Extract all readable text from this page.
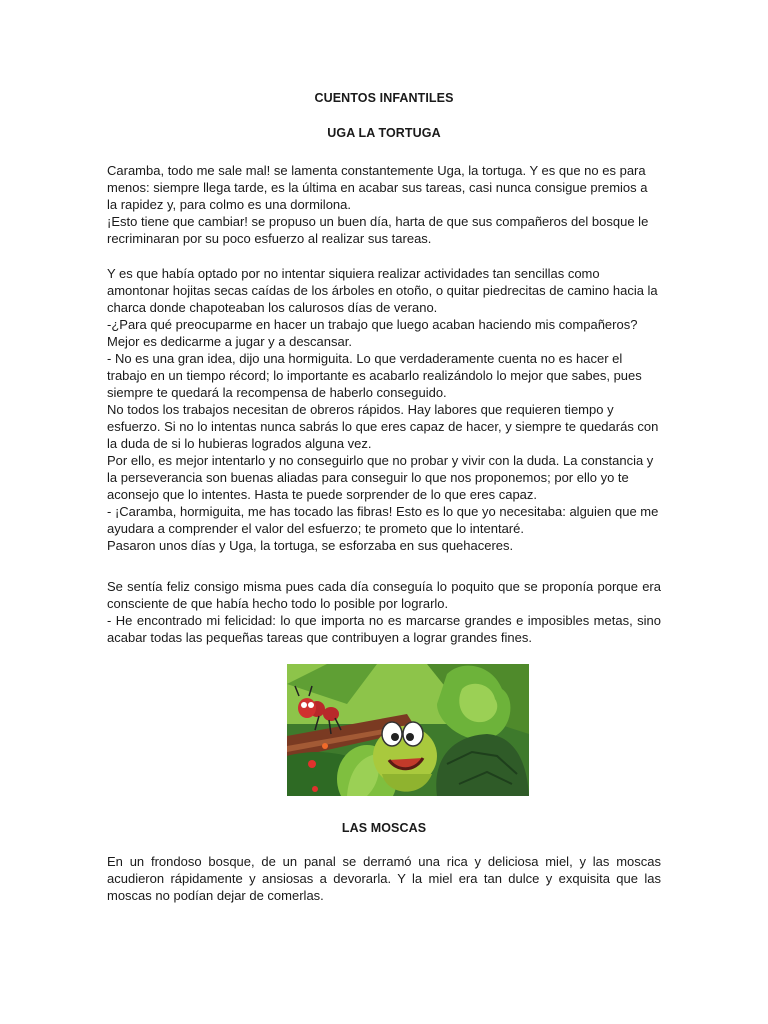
CUENTOS INFANTILES
UGA LA TORTUGA

Caramba, todo me sale mal! se lamenta constantemente Uga, la tortuga. Y es que no es para menos: siempre llega tarde, es la última en acabar sus tareas, casi nunca consigue premios a la rapidez y, para colmo es una dormilona.

¡Esto tiene que cambiar! se propuso un buen día, harta de que sus compañeros del bosque le recriminaran por su poco esfuerzo al realizar sus tareas.

Y es que había optado por no intentar siquiera realizar actividades tan sencillas como amontonar hojitas secas caídas de los árboles en otoño, o quitar piedrecitas de camino hacia la charca donde chapoteaban los calurosos días de verano.

-¿Para qué preocuparme en hacer un trabajo que luego acaban haciendo mis compañeros? Mejor es dedicarme a jugar y a descansar.

- No es una gran idea, dijo una hormiguita. Lo que verdaderamente cuenta no es hacer el trabajo en un tiempo récord; lo importante es acabarlo realizándolo lo mejor que sabes, pues siempre te quedará la recompensa de haberlo conseguido.

No todos los trabajos necesitan de obreros rápidos. Hay labores que requieren tiempo y esfuerzo. Si no lo intentas nunca sabrás lo que eres capaz de hacer, y siempre te quedarás con la duda de si lo hubieras logrados alguna vez.

Por ello, es mejor intentarlo y no conseguirlo que no probar y vivir con la duda. La constancia y la perseverancia son buenas aliadas para conseguir lo que nos proponemos; por ello yo te aconsejo que lo intentes. Hasta te puede sorprender de lo que eres capaz.

- ¡Caramba, hormiguita, me has tocado las fibras! Esto es lo que yo necesitaba: alguien que me ayudara a comprender el valor del esfuerzo; te prometo que lo intentaré.

Pasaron unos días y Uga, la tortuga, se esforzaba en sus quehaceres.

Se sentía feliz consigo misma pues cada día conseguía lo poquito que se proponía porque era consciente de que había hecho todo lo posible por lograrlo.

- He encontrado mi felicidad: lo que importa no es marcarse grandes e imposibles metas, sino acabar todas las pequeñas tareas que contribuyen a lograr grandes fines.

LAS MOSCAS

En un frondoso bosque, de un panal se derramó una rica y deliciosa miel, y las moscas acudieron rápidamente y ansiosas a devorarla. Y la miel era tan dulce y exquisita que las moscas no podían dejar de comerlas.
